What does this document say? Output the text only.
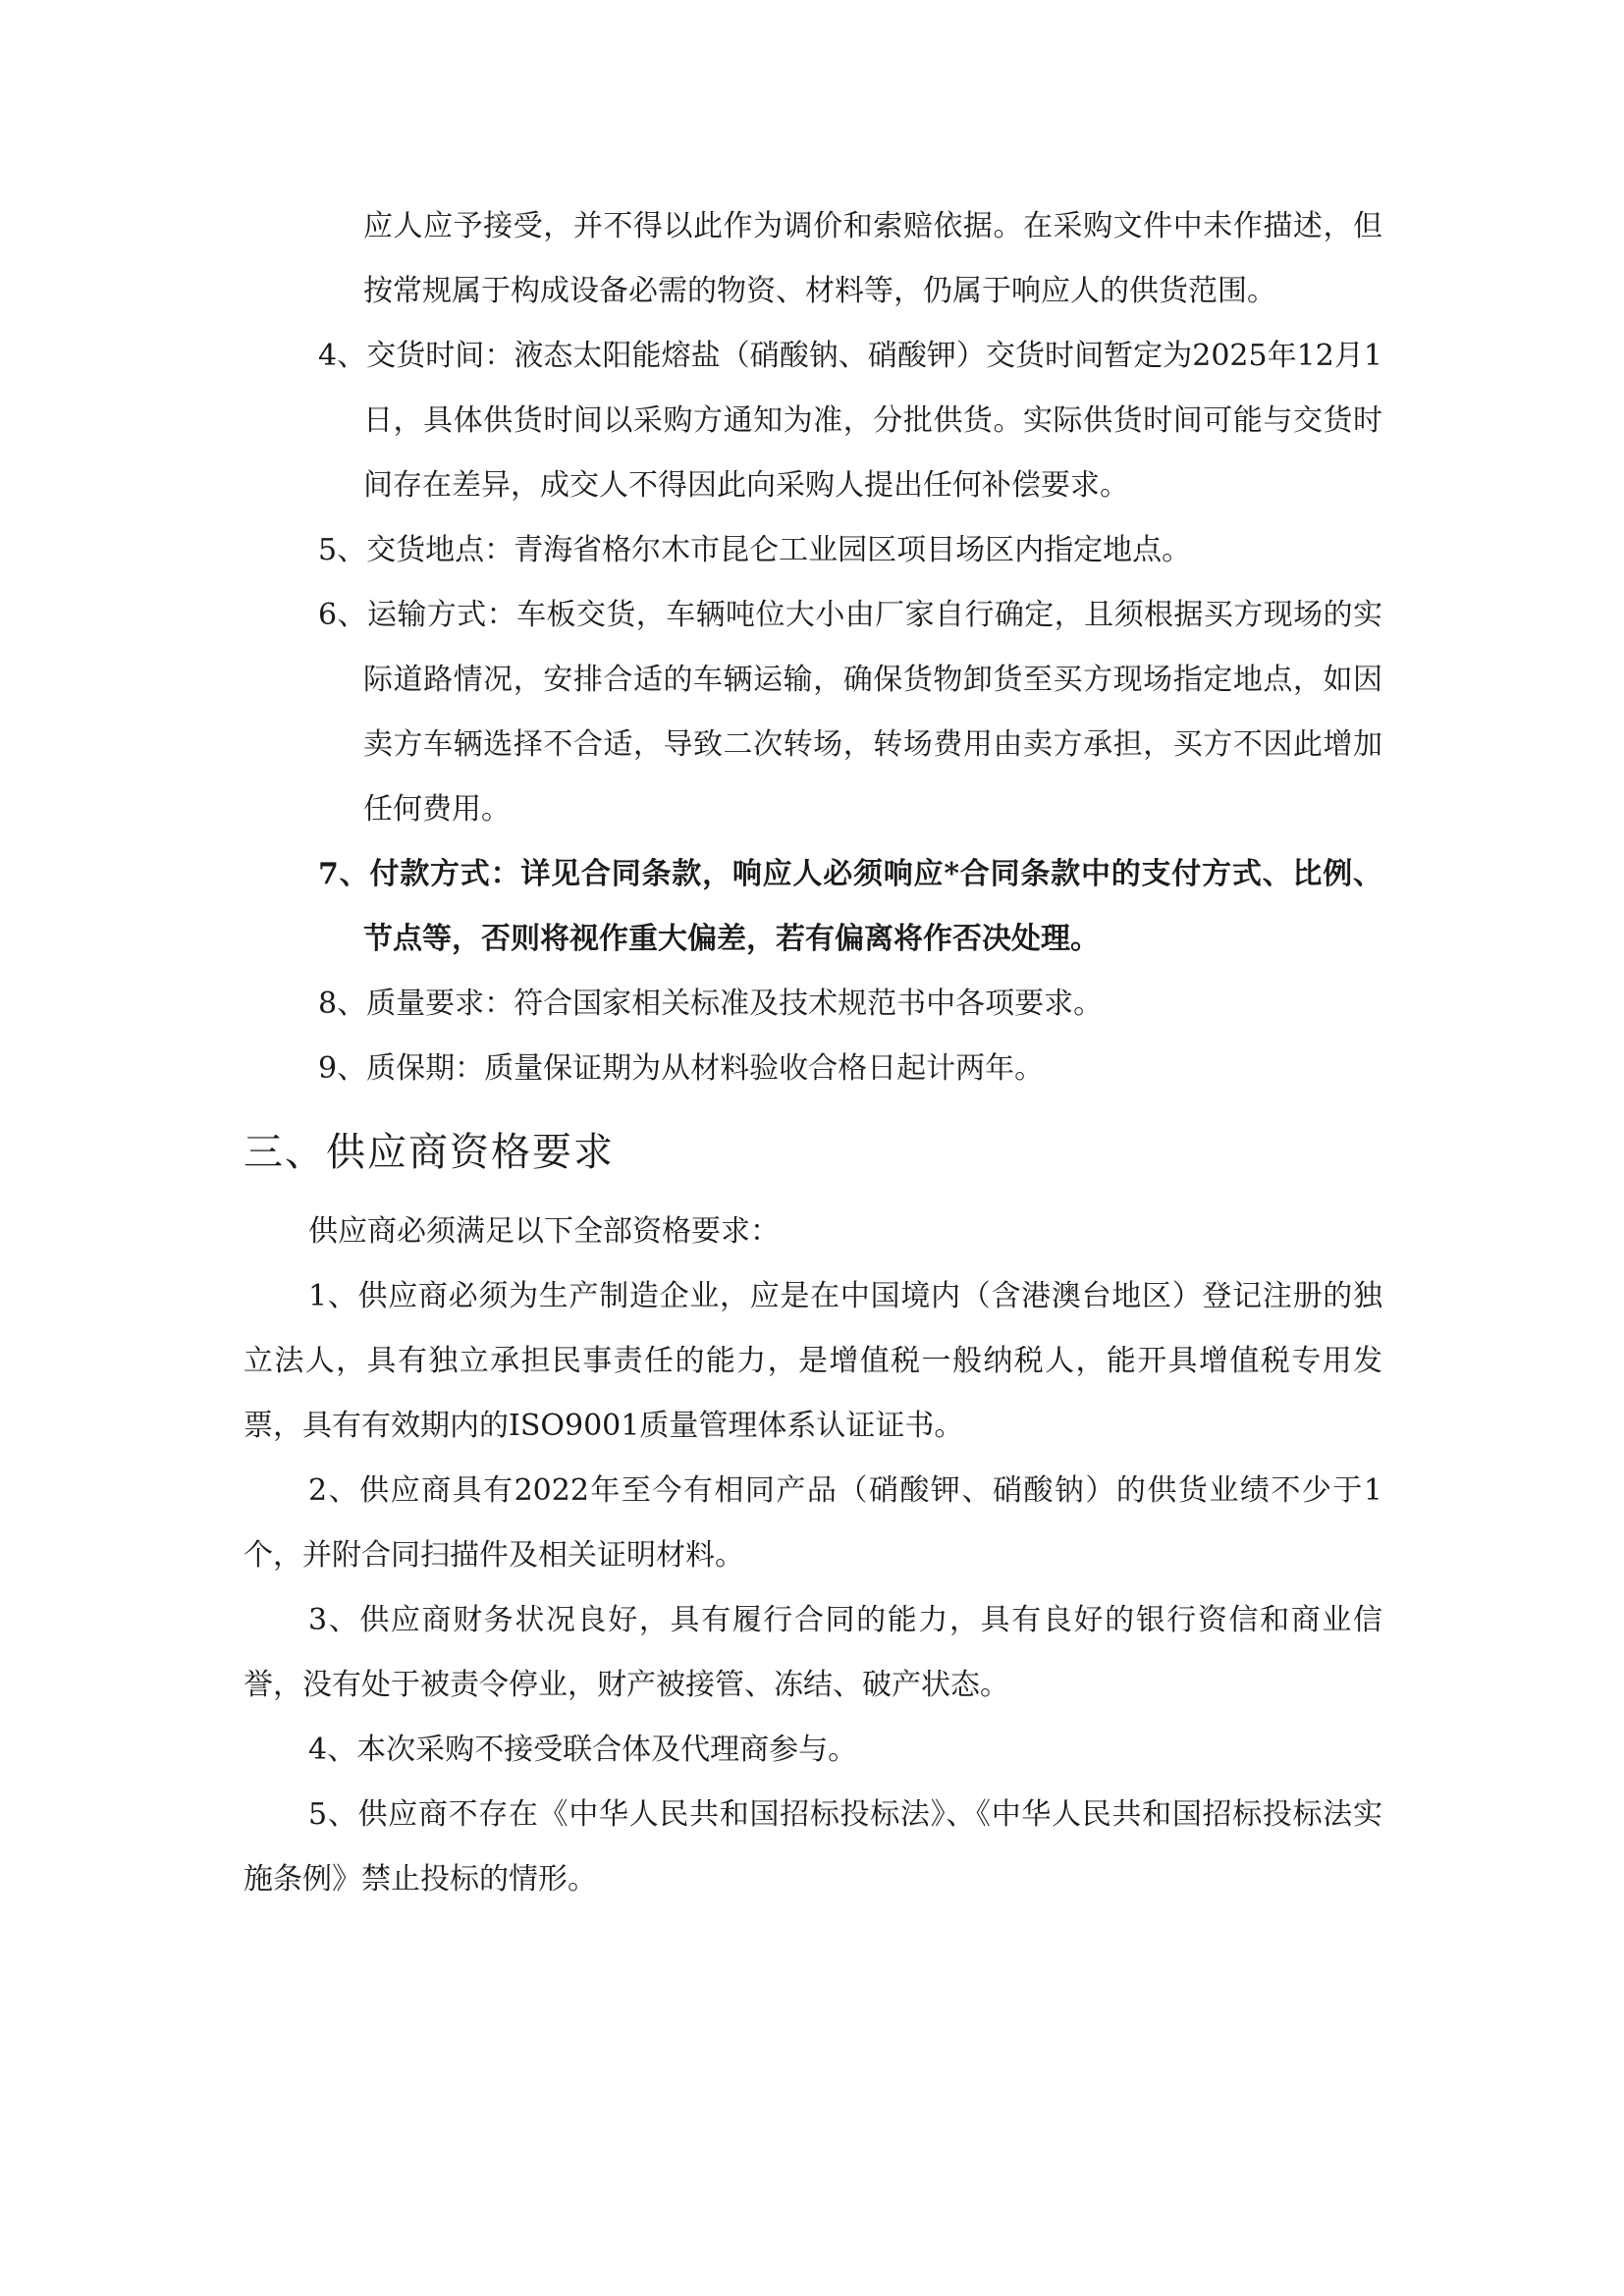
应人应予接受，并不得以此作为调价和索赔依据。在采购文件中未作描述，但按常规属于构成设备必需的物资、材料等，仍属于响应人的供货范围。

4、交货时间：液态太阳能熔盐（硝酸钠、硝酸钾）交货时间暂定为2025年12月1日，具体供货时间以采购方通知为准，分批供货。实际供货时间可能与交货时间存在差异，成交人不得因此向采购人提出任何补偿要求。

5、交货地点：青海省格尔木市昆仑工业园区项目场区内指定地点。

6、运输方式：车板交货，车辆吨位大小由厂家自行确定，且须根据买方现场的实际道路情况，安排合适的车辆运输，确保货物卸货至买方现场指定地点，如因卖方车辆选择不合适，导致二次转场，转场费用由卖方承担，买方不因此增加任何费用。

7、付款方式：详见合同条款，响应人必须响应*合同条款中的支付方式、比例、节点等，否则将视作重大偏差，若有偏离将作否决处理。

8、质量要求：符合国家相关标准及技术规范书中各项要求。

9、质保期：质量保证期为从材料验收合格日起计两年。

三、供应商资格要求

供应商必须满足以下全部资格要求：

1、供应商必须为生产制造企业，应是在中国境内（含港澳台地区）登记注册的独立法人，具有独立承担民事责任的能力，是增值税一般纳税人，能开具增值税专用发票，具有有效期内的ISO9001质量管理体系认证证书。

2、供应商具有2022年至今有相同产品（硝酸钾、硝酸钠）的供货业绩不少于1个，并附合同扫描件及相关证明材料。

3、供应商财务状况良好，具有履行合同的能力，具有良好的银行资信和商业信誉，没有处于被责令停业，财产被接管、冻结、破产状态。

4、本次采购不接受联合体及代理商参与。

5、供应商不存在《中华人民共和国招标投标法》、《中华人民共和国招标投标法实施条例》禁止投标的情形。
